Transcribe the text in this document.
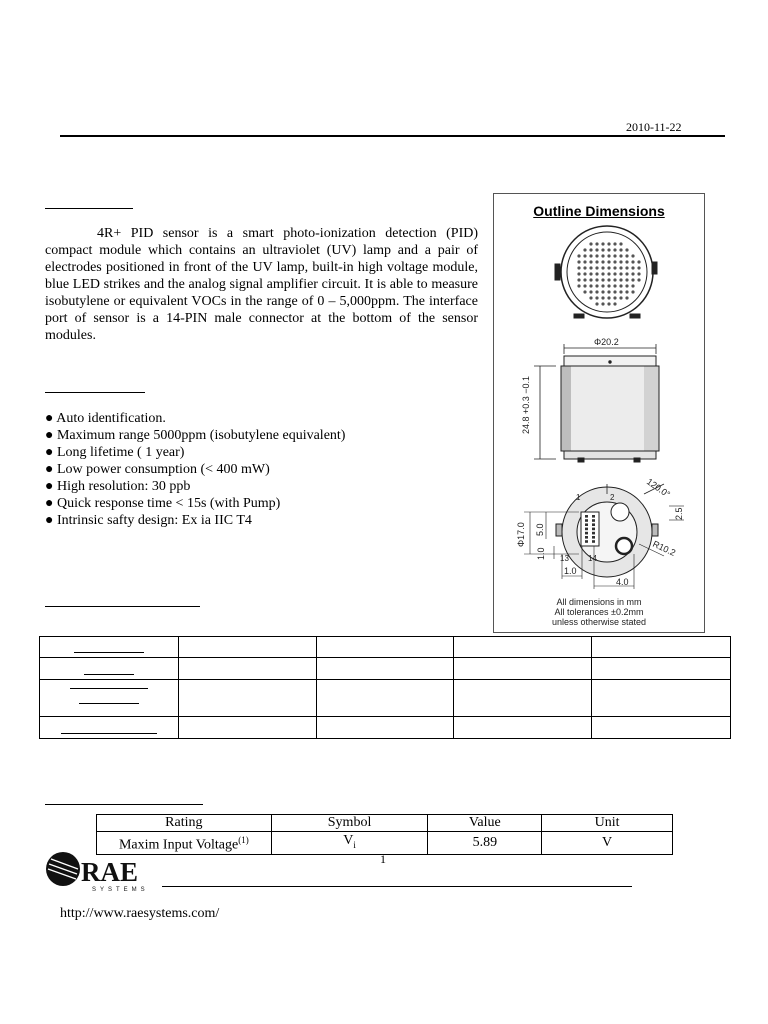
2010-11-22
4R+ PID sensor is a smart photo-ionization detection (PID) compact module which contains an ultraviolet (UV) lamp and a pair of electrodes positioned in front of the UV lamp, built-in high voltage module, blue LED strikes and the analog signal amplifier circuit. It is able to measure isobutylene or equivalent VOCs in the range of 0 – 5,000ppm. The interface port of sensor is a 14-PIN male connector at the bottom of the sensor modules.
● Auto identification.
● Maximum range 5000ppm (isobutylene equivalent)
● Long lifetime ( 1 year)
● Low power consumption (< 400 mW)
● High resolution: 30 ppb
● Quick response time < 15s (with Pump)
● Intrinsic safty design: Ex ia IIC T4
Outline Dimensions
Φ20.2
24.8 +0.3 −0.1
120.0°
2.5
R10.2
Φ17.0 5.0
1.0
1.0
4.0
1	2
13 14
All dimensions in mm
All tolerances ±0.2mm
unless otherwise stated

Rating	Symbol	Value	Unit
Maxim Input Voltage$^{(1)}$	$V_i$	5.89	V
1
RAE
SYSTEMS
http://www.raesystems.com/
